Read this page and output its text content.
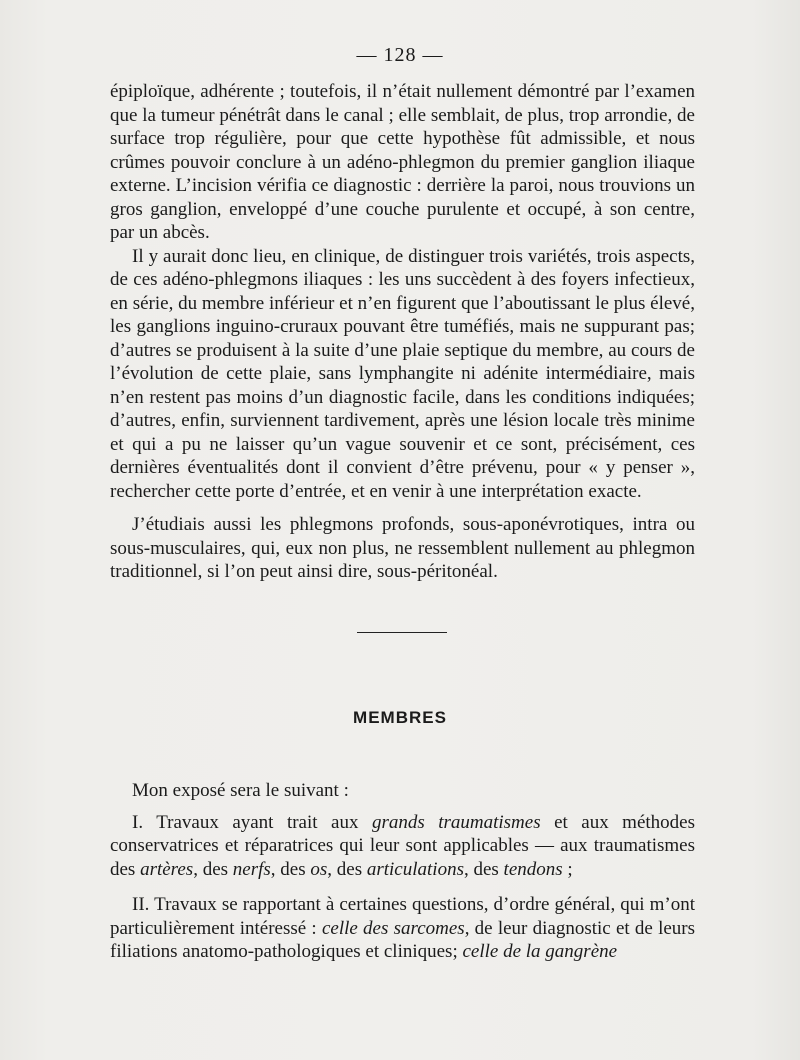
— 128 —

épiploïque, adhérente ; toutefois, il n’était nullement démontré par l’examen que la tumeur pénétrât dans le canal ; elle semblait, de plus, trop arrondie, de surface trop régulière, pour que cette hypothèse fût admissible, et nous crûmes pouvoir conclure à un adéno-phlegmon du premier ganglion iliaque externe. L’incision vérifia ce diagnostic : derrière la paroi, nous trouvions un gros ganglion, enveloppé d’une couche purulente et occupé, à son centre, par un abcès.

Il y aurait donc lieu, en clinique, de distinguer trois variétés, trois aspects, de ces adéno-phlegmons iliaques : les uns succèdent à des foyers infectieux, en série, du membre inférieur et n’en figurent que l’aboutissant le plus élevé, les ganglions inguino-cruraux pouvant être tuméfiés, mais ne suppurant pas; d’autres se produisent à la suite d’une plaie septique du membre, au cours de l’évolution de cette plaie, sans lymphangite ni adénite intermédiaire, mais n’en restent pas moins d’un diagnostic facile, dans les conditions indiquées; d’autres, enfin, surviennent tardivement, après une lésion locale très minime et qui a pu ne laisser qu’un vague souvenir et ce sont, précisément, ces dernières éventualités dont il convient d’être prévenu, pour « y penser », rechercher cette porte d’entrée, et en venir à une interprétation exacte.

J’étudiais aussi les phlegmons profonds, sous-aponévrotiques, intra ou sous-musculaires, qui, eux non plus, ne ressemblent nullement au phlegmon traditionnel, si l’on peut ainsi dire, sous-péritonéal.

MEMBRES

Mon exposé sera le suivant :

I. Travaux ayant trait aux grands traumatismes et aux méthodes conservatrices et réparatrices qui leur sont applicables — aux traumatismes des artères, des nerfs, des os, des articulations, des tendons ;

II. Travaux se rapportant à certaines questions, d’ordre général, qui m’ont particulièrement intéressé : celle des sarcomes, de leur diagnostic et de leurs filiations anatomo-pathologiques et cliniques; celle de la gangrène
